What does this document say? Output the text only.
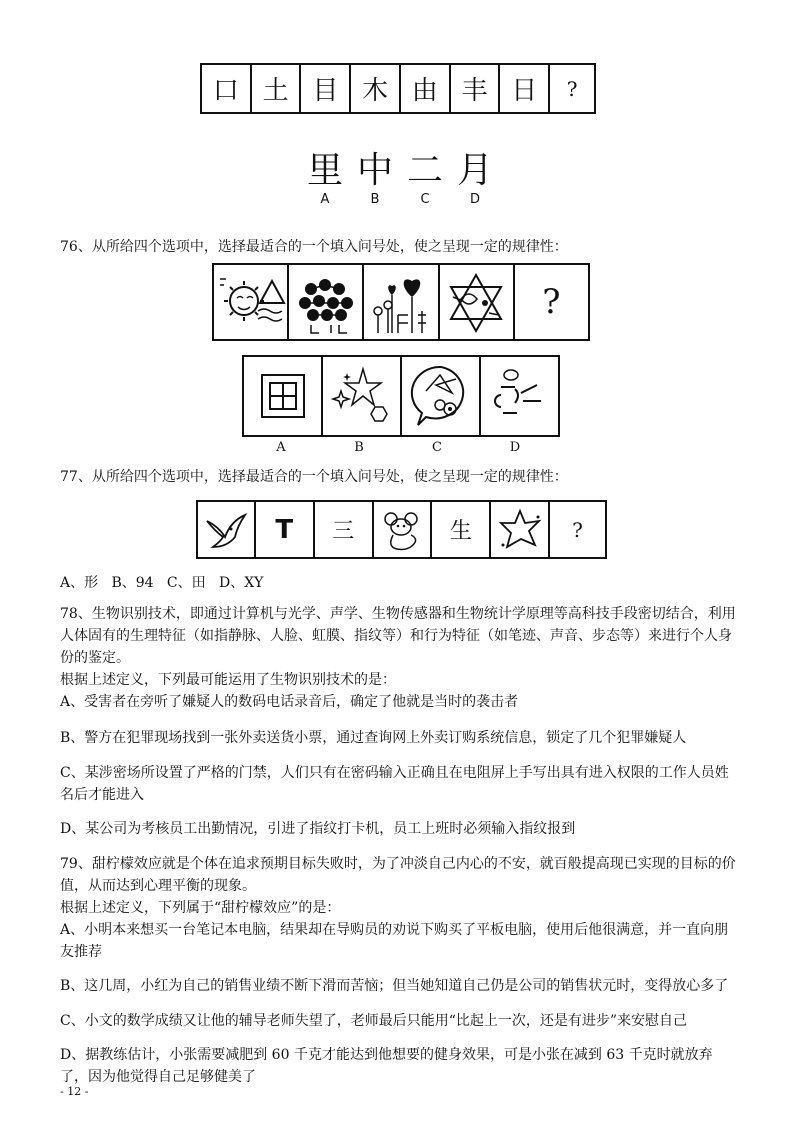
口 土 目 木 由 丰 日	?
里 中 二 月
A	B	C	D
76、从所给四个选项中，选择最适合的一个填入问号处，使之呈现一定的规律性：
?
A	B	C	D
77、从所给四个选项中，选择最适合的一个填入问号处，使之呈现一定的规律性：
T	三	生	?
A、形   B、94   C、田   D、XY
78、生物识别技术，即通过计算机与光学、声学、生物传感器和生物统计学原理等高科技手段密切结合，利用人体固有的生理特征（如指静脉、人脸、虹膜、指纹等）和行为特征（如笔迹、声音、步态等）来进行个人身份的鉴定。
根据上述定义，下列最可能运用了生物识别技术的是：
A、受害者在旁听了嫌疑人的数码电话录音后，确定了他就是当时的袭击者
B、警方在犯罪现场找到一张外卖送货小票，通过查询网上外卖订购系统信息，锁定了几个犯罪嫌疑人
C、某涉密场所设置了严格的门禁，人们只有在密码输入正确且在电阻屏上手写出具有进入权限的工作人员姓名后才能进入
D、某公司为考核员工出勤情况，引进了指纹打卡机，员工上班时必须输入指纹报到
79、甜柠檬效应就是个体在追求预期目标失败时，为了冲淡自己内心的不安，就百般提高现已实现的目标的价值，从而达到心理平衡的现象。
根据上述定义，下列属于“甜柠檬效应”的是：
A、小明本来想买一台笔记本电脑，结果却在导购员的劝说下购买了平板电脑，使用后他很满意，并一直向朋友推荐
B、这几周，小红为自己的销售业绩不断下滑而苦恼；但当她知道自己仍是公司的销售状元时，变得放心多了
C、小文的数学成绩又让他的辅导老师失望了，老师最后只能用“比起上一次，还是有进步”来安慰自己
D、据教练估计，小张需要减肥到 60 千克才能达到他想要的健身效果，可是小张在减到 63 千克时就放弃了，因为他觉得自己足够健美了
- 12 -
